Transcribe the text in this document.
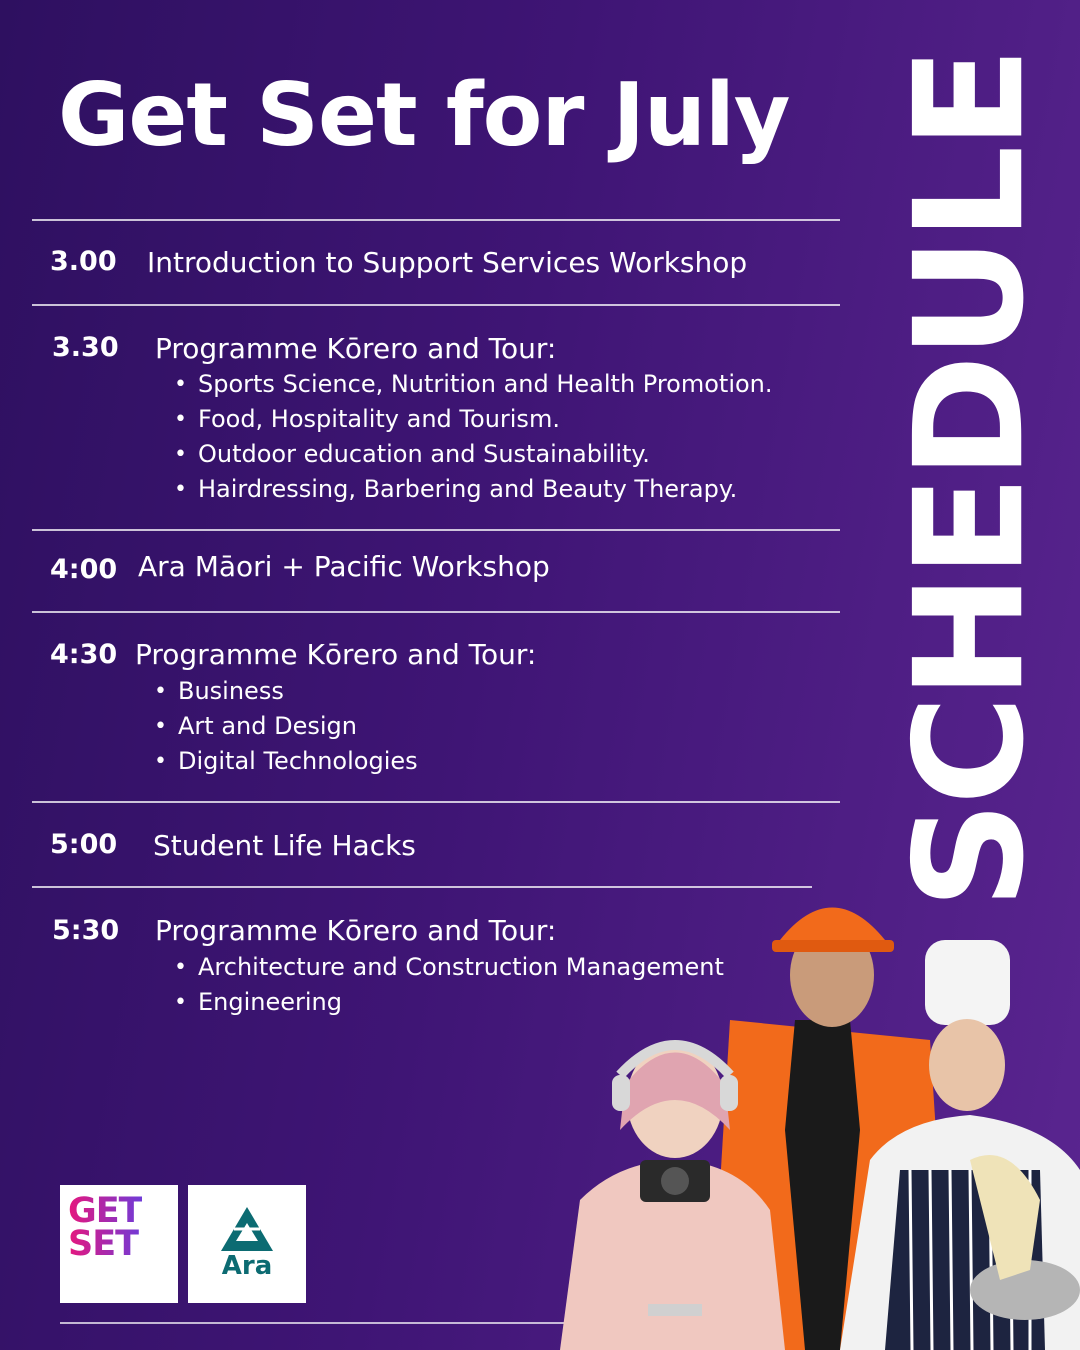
Get Set for July SCHEDULE
3.00 Introduction to Support Services Workshop
3.30 Programme Kōrero and Tour:
• Sports Science, Nutrition and Health Promotion.
• Food, Hospitality and Tourism.
• Outdoor education and Sustainability.
• Hairdressing, Barbering and Beauty Therapy.
4:00 Ara Māori + Pacific Workshop
4:30 Programme Kōrero and Tour:
• Business
• Art and Design
• Digital Technologies
5:00 Student Life Hacks
5:30 Programme Kōrero and Tour:
• Architecture and Construction Management
• Engineering
GET
SET
Ara
